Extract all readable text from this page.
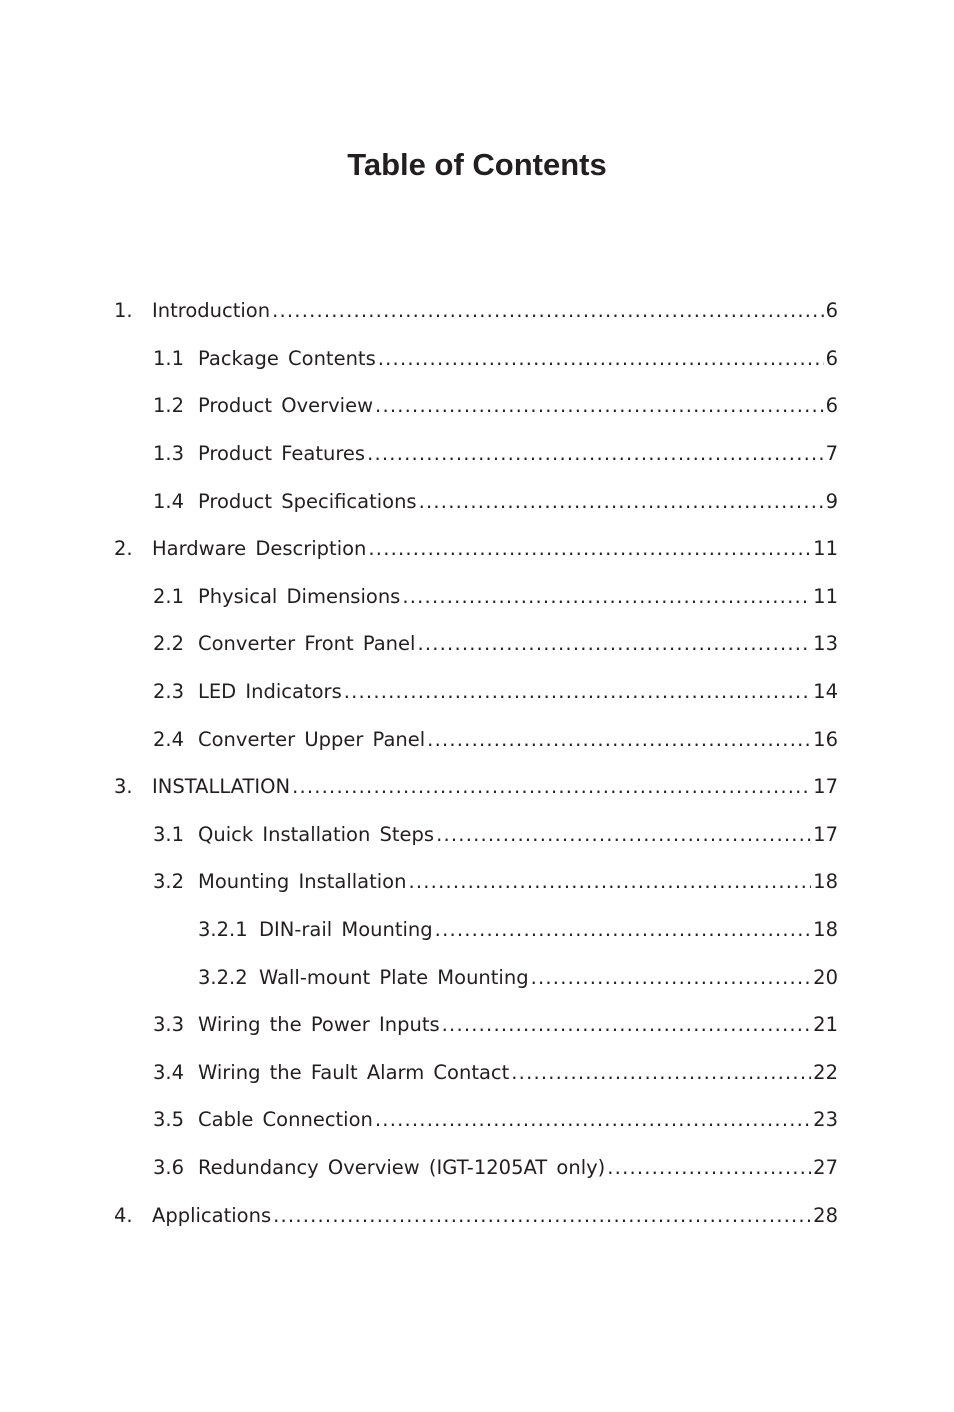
Table of Contents
1. Introduction .....	6
1.1 Package Contents .....	6
1.2 Product Overview .....	6
1.3 Product Features .....	7
1.4 Product Specifications .....	9
2. Hardware Description .....	11
2.1 Physical Dimensions .....	11
2.2 Converter Front Panel .....	13
2.3 LED Indicators .....	14
2.4 Converter Upper Panel .....	16
3. INSTALLATION .....	17
3.1 Quick Installation Steps .....	17
3.2 Mounting Installation .....	18
3.2.1 DIN-rail Mounting .....	18
3.2.2 Wall-mount Plate Mounting .....	20
3.3 Wiring the Power Inputs .....	21
3.4 Wiring the Fault Alarm Contact .....	22
3.5 Cable Connection .....	23
3.6 Redundancy Overview (IGT-1205AT only) .....	27
4. Applications .....	28
